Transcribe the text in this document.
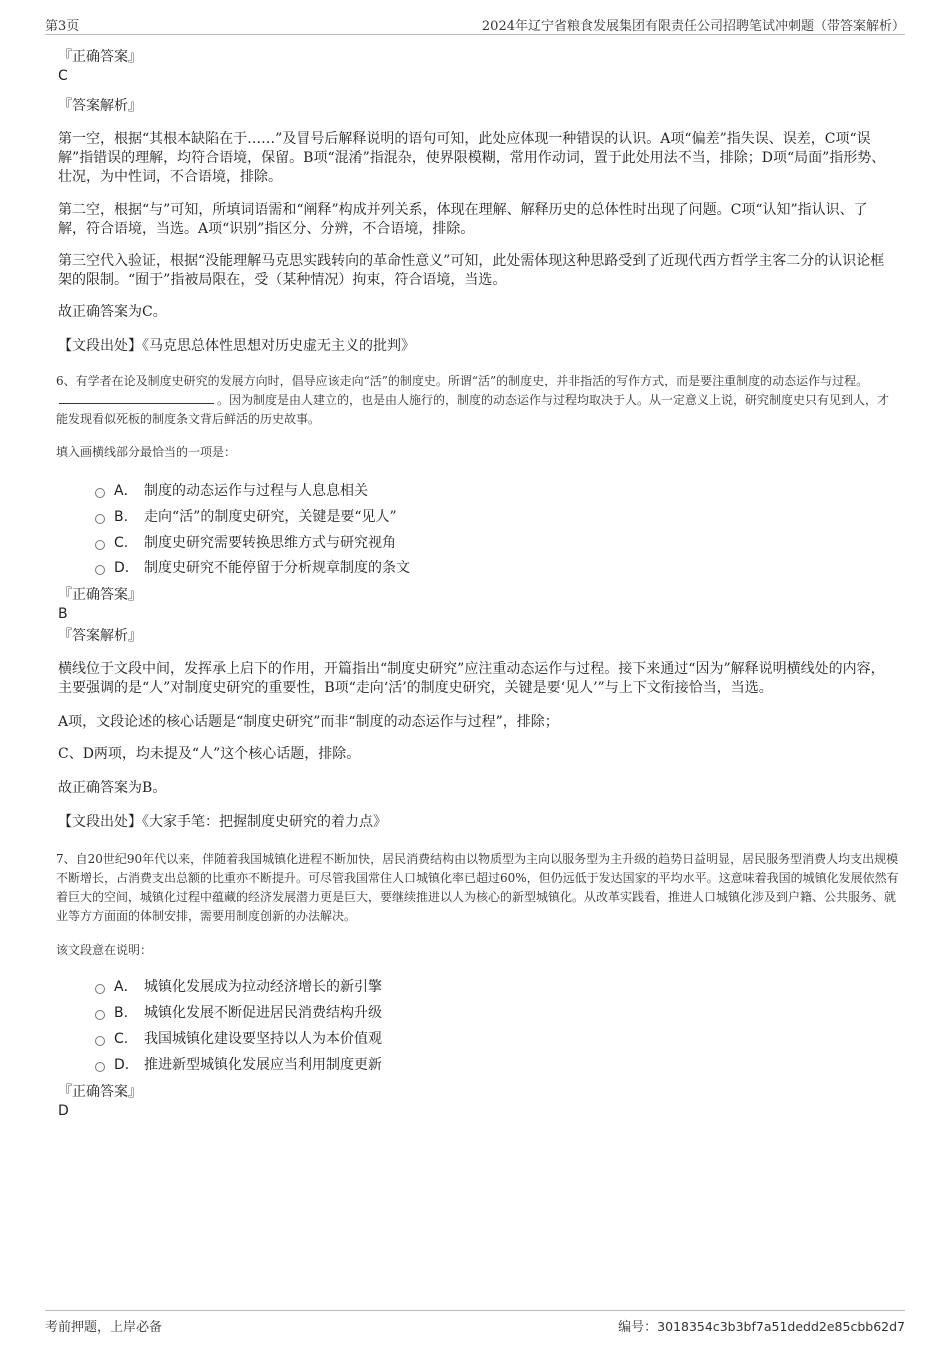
第3页	2024年辽宁省粮食发展集团有限责任公司招聘笔试冲刺题（带答案解析）
『正确答案』
C
『答案解析』
第一空，根据“其根本缺陷在于……”及冒号后解释说明的语句可知，此处应体现一种错误的认识。A项“偏差”指失误、误差，C项“误解”指错误的理解，均符合语境，保留。B项“混淆”指混杂，使界限模糊，常用作动词，置于此处用法不当，排除；D项“局面”指形势、壮况，为中性词，不合语境，排除。
第二空，根据“与”可知，所填词语需和“阐释”构成并列关系，体现在理解、解释历史的总体性时出现了问题。C项“认知”指认识、了解，符合语境，当选。A项“识别”指区分、分辨，不合语境，排除。
第三空代入验证，根据“没能理解马克思实践转向的革命性意义”可知，此处需体现这种思路受到了近现代西方哲学主客二分的认识论框架的限制。“囿于”指被局限在，受（某种情况）拘束，符合语境，当选。
故正确答案为C。
【文段出处】《马克思总体性思想对历史虚无主义的批判》
6、有学者在论及制度史研究的发展方向时，倡导应该走向“活”的制度史。所谓“活”的制度史，并非指活的写作方式，而是要注重制度的动态运作与过程。。因为制度是由人建立的，也是由人施行的，制度的动态运作与过程均取决于人。从一定意义上说，研究制度史只有见到人，才能发现看似死板的制度条文背后鲜活的历史故事。
填入画横线部分最恰当的一项是：
A． 制度的动态运作与过程与人息息相关
B. 走向“活”的制度史研究，关键是要“见人”
C. 制度史研究需要转换思维方式与研究视角
D. 制度史研究不能停留于分析规章制度的条文
『正确答案』
B
『答案解析』
横线位于文段中间，发挥承上启下的作用，开篇指出“制度史研究”应注重动态运作与过程。接下来通过“因为”解释说明横线处的内容，主要强调的是“人”对制度史研究的重要性，B项“走向‘活’的制度史研究，关键是要‘见人’”与上下文衔接恰当，当选。
A项，文段论述的核心话题是“制度史研究”而非“制度的动态运作与过程”，排除；
C、D两项，均未提及“人”这个核心话题，排除。
故正确答案为B。
【文段出处】《大家手笔：把握制度史研究的着力点》
7、自20世纪90年代以来，伴随着我国城镇化进程不断加快，居民消费结构由以物质型为主向以服务型为主升级的趋势日益明显，居民服务型消费人均支出规模不断增长，占消费支出总额的比重亦不断提升。可尽管我国常住人口城镇化率已超过60%，但仍远低于发达国家的平均水平。这意味着我国的城镇化发展依然有着巨大的空间，城镇化过程中蕴藏的经济发展潜力更是巨大，要继续推进以人为核心的新型城镇化。从改革实践看，推进人口城镇化涉及到户籍、公共服务、就业等方方面面的体制安排，需要用制度创新的办法解决。
该文段意在说明：
A． 城镇化发展成为拉动经济增长的新引擎
B. 城镇化发展不断促进居民消费结构升级
C. 我国城镇化建设要坚持以人为本价值观
D. 推进新型城镇化发展应当利用制度更新
『正确答案』
D
考前押题，上岸必备	编号：3018354c3b3bf7a51dedd2e85cbb62d7
